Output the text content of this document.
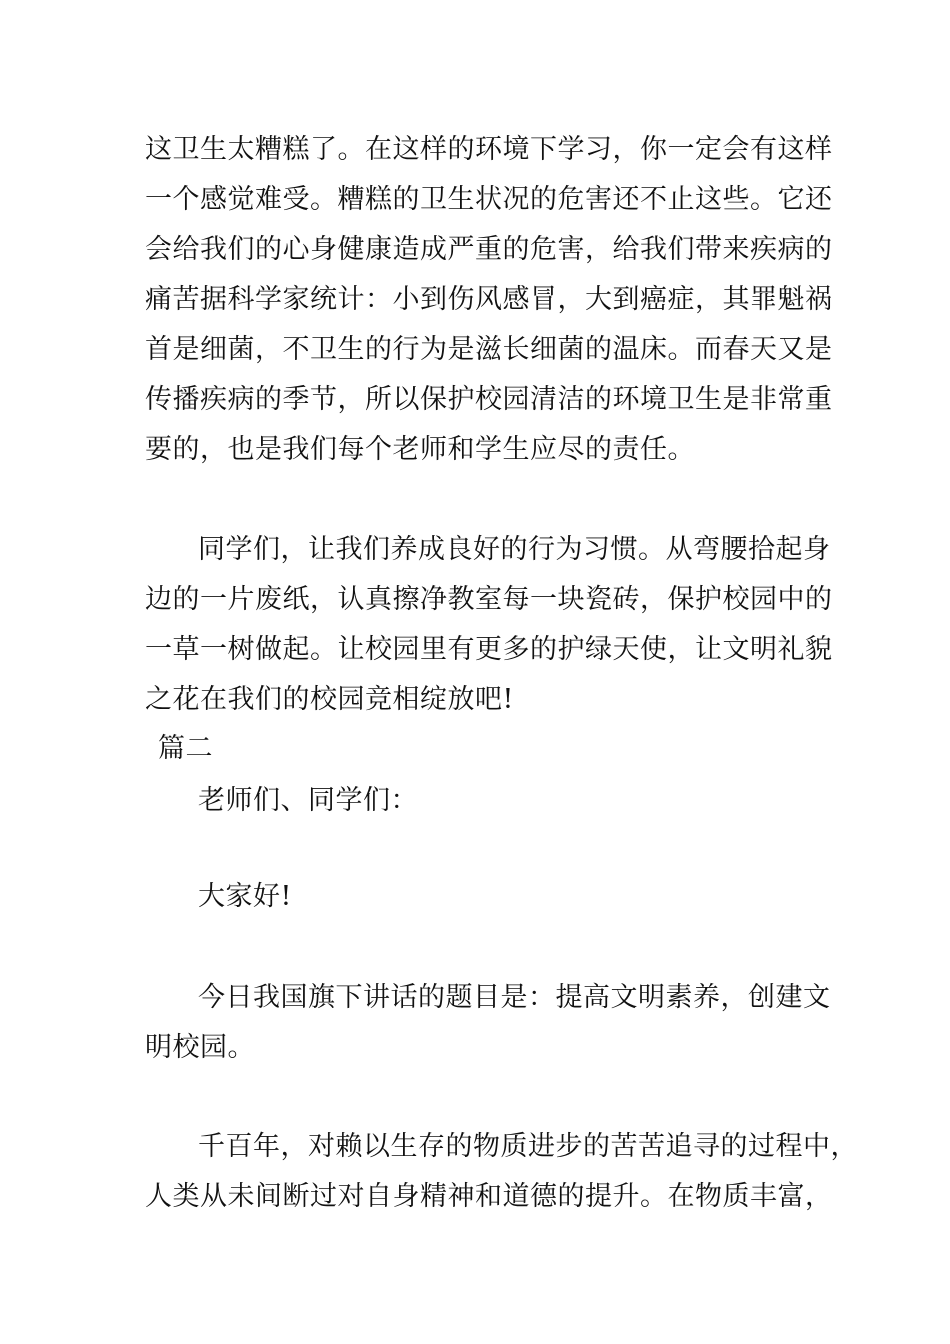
这卫生太糟糕了。在这样的环境下学习，你一定会有这样
一个感觉难受。糟糕的卫生状况的危害还不止这些。它还
会给我们的心身健康造成严重的危害，给我们带来疾病的
痛苦据科学家统计：小到伤风感冒，大到癌症，其罪魁祸
首是细菌，不卫生的行为是滋长细菌的温床。而春天又是
传播疾病的季节，所以保护校园清洁的环境卫生是非常重
要的，也是我们每个老师和学生应尽的责任。
同学们，让我们养成良好的行为习惯。从弯腰拾起身
边的一片废纸，认真擦净教室每一块瓷砖，保护校园中的
一草一树做起。让校园里有更多的护绿天使，让文明礼貌
之花在我们的校园竞相绽放吧!
篇二
老师们、同学们：
大家好!
今日我国旗下讲话的题目是：提高文明素养，创建文
明校园。
千百年，对赖以生存的物质进步的苦苦追寻的过程中，
人类从未间断过对自身精神和道德的提升。在物质丰富，
